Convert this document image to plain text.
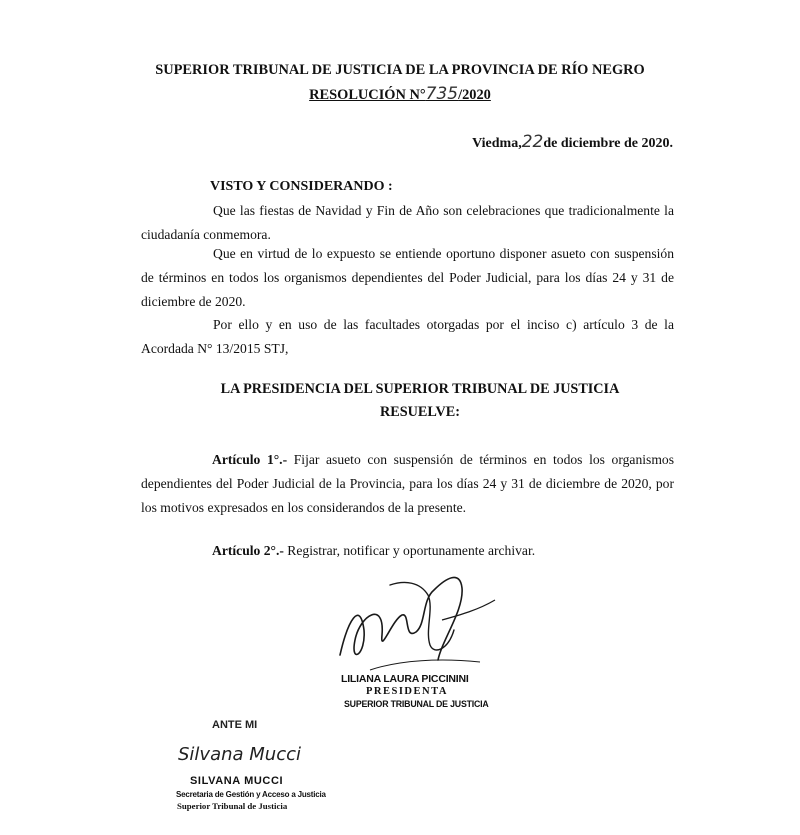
SUPERIOR TRIBUNAL DE JUSTICIA DE LA PROVINCIA DE RÍO NEGRO
RESOLUCIÓN N°735/2020
Viedma,22de diciembre de 2020.
VISTO Y CONSIDERANDO :
Que las fiestas de Navidad y Fin de Año son celebraciones que tradicionalmente la ciudadanía conmemora.
Que en virtud de lo expuesto se entiende oportuno disponer asueto con suspensión de términos en todos los organismos dependientes del Poder Judicial, para los días 24 y 31 de diciembre de 2020.
Por ello y en uso de las facultades otorgadas por el inciso c) artículo 3 de la Acordada N° 13/2015 STJ,
LA PRESIDENCIA DEL SUPERIOR TRIBUNAL DE JUSTICIA
RESUELVE:
Artículo 1°.- Fijar asueto con suspensión de términos en todos los organismos dependientes del Poder Judicial de la Provincia, para los días 24 y 31 de diciembre de 2020, por los motivos expresados en los considerandos de la presente.
Artículo 2°.- Registrar, notificar y oportunamente archivar.
LILIANA LAURA PICCININI
PRESIDENTA
SUPERIOR TRIBUNAL DE JUSTICIA
ANTE MI
Silvana Mucci
SILVANA MUCCI
Secretaria de Gestión y Acceso a Justicia
Superior Tribunal de Justicia
